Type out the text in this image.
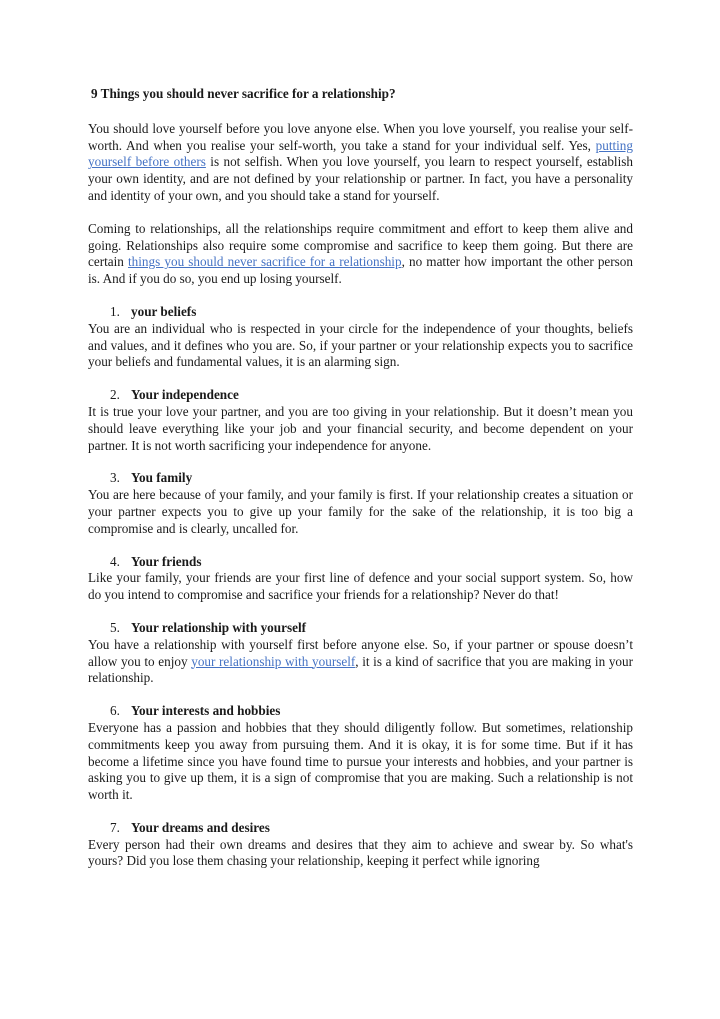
9 Things you should never sacrifice for a relationship?

You should love yourself before you love anyone else. When you love yourself, you realise your self-worth. And when you realise your self-worth, you take a stand for your individual self. Yes, putting yourself before others is not selfish. When you love yourself, you learn to respect yourself, establish your own identity, and are not defined by your relationship or partner. In fact, you have a personality and identity of your own, and you should take a stand for yourself.

Coming to relationships, all the relationships require commitment and effort to keep them alive and going. Relationships also require some compromise and sacrifice to keep them going. But there are certain things you should never sacrifice for a relationship, no matter how important the other person is. And if you do so, you end up losing yourself.

1. your beliefs

You are an individual who is respected in your circle for the independence of your thoughts, beliefs and values, and it defines who you are. So, if your partner or your relationship expects you to sacrifice your beliefs and fundamental values, it is an alarming sign.

2. Your independence

It is true your love your partner, and you are too giving in your relationship. But it doesn’t mean you should leave everything like your job and your financial security, and become dependent on your partner. It is not worth sacrificing your independence for anyone.

3. You family

You are here because of your family, and your family is first. If your relationship creates a situation or your partner expects you to give up your family for the sake of the relationship, it is too big a compromise and is clearly, uncalled for.

4. Your friends

Like your family, your friends are your first line of defence and your social support system. So, how do you intend to compromise and sacrifice your friends for a relationship? Never do that!

5. Your relationship with yourself

You have a relationship with yourself first before anyone else. So, if your partner or spouse doesn’t allow you to enjoy your relationship with yourself, it is a kind of sacrifice that you are making in your relationship.

6. Your interests and hobbies

Everyone has a passion and hobbies that they should diligently follow. But sometimes, relationship commitments keep you away from pursuing them. And it is okay, it is for some time. But if it has become a lifetime since you have found time to pursue your interests and hobbies, and your partner is asking you to give up them, it is a sign of compromise that you are making. Such a relationship is not worth it.

7. Your dreams and desires

Every person had their own dreams and desires that they aim to achieve and swear by. So what's yours? Did you lose them chasing your relationship, keeping it perfect while ignoring
